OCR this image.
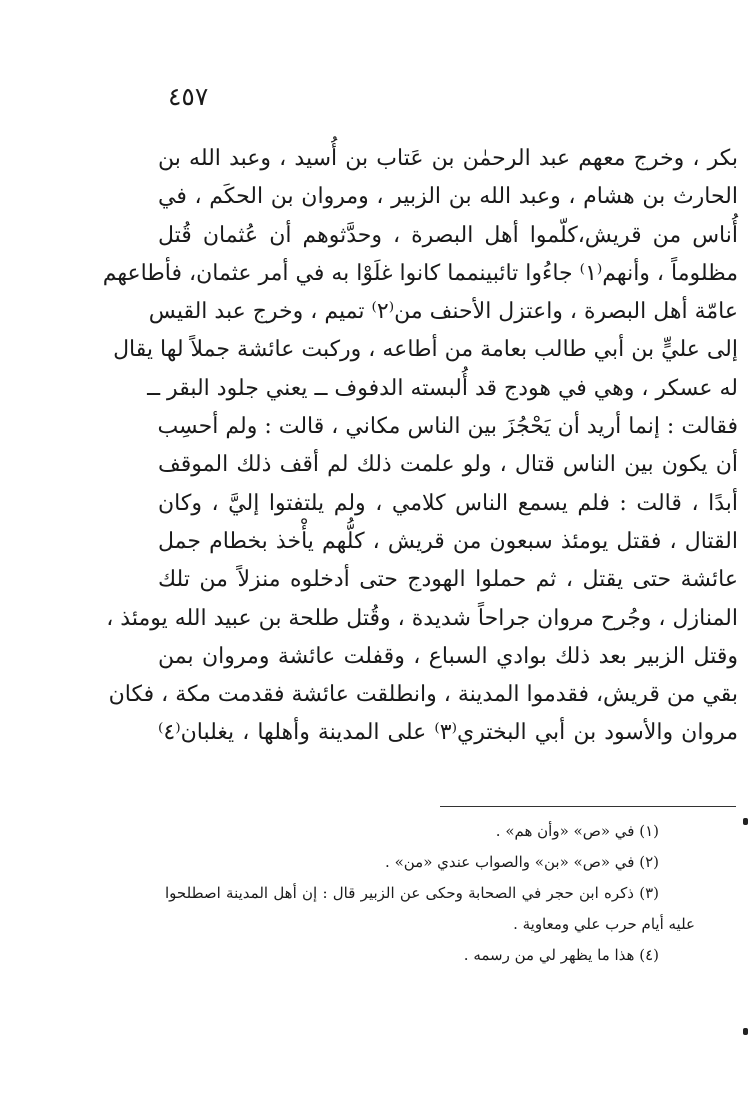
٤٥٧
بكر ، وخرج معهم عبد الرحمٰن بن عَتاب بن أُسيد ، وعبد الله بن
الحارث بن هشام ، وعبد الله بن الزبير ، ومروان بن الحكَم ، في
أُناس من قريش،كلّموا أهل البصرة ، وحدَّثوهم أن عُثمان قُتل
مظلوماً ، وأنهم⁽١⁾ جاءُوا تائبينمما كانوا غلَوْا به في أمر عثمان، فأطاعهم
عامّة أهل البصرة ، واعتزل الأحنف من⁽٢⁾ تميم ، وخرج عبد القيس
إلى عليٍّ بن أبي طالب بعامة من أطاعه ، وركبت عائشة جملاً لها يقال
له عسكر ، وهي في هودج قد أُلبسته الدفوف ــ يعني جلود البقر ــ
فقالت : إنما أريد أن يَحْجُزَ بين الناس مكاني ، قالت : ولم أحسِب
أن يكون بين الناس قتال ، ولو علمت ذلك لم أقف ذلك الموقف
أبدًا ، قالت : فلم يسمع الناس كلامي ، ولم يلتفتوا إليَّ ، وكان
القتال ، فقتل يومئذ سبعون من قريش ، كلُّهم يأْخذ بخطام جمل
عائشة حتى يقتل ، ثم حملوا الهودج حتى أدخلوه منزلاً من تلك
المنازل ، وجُرح مروان جراحاً شديدة ، وقُتل طلحة بن عبيد الله يومئذ ،
وقتل الزبير بعد ذلك بوادي السباع ، وقفلت عائشة ومروان بمن
بقي من قريش، فقدموا المدينة ، وانطلقت عائشة فقدمت مكة ، فكان
مروان والأسود بن أبي البختري⁽٣⁾ على المدينة وأهلها ، يغلبان⁽٤⁾
(١) في «ص» «وأن هم» .
(٢) في «ص» «بن» والصواب عندي «من» .
(٣) ذكره ابن حجر في الصحابة وحكى عن الزبير قال : إن أهل المدينة اصطلحوا
عليه أيام حرب علي ومعاوية .
(٤) هذا ما يظهر لي من رسمه .
